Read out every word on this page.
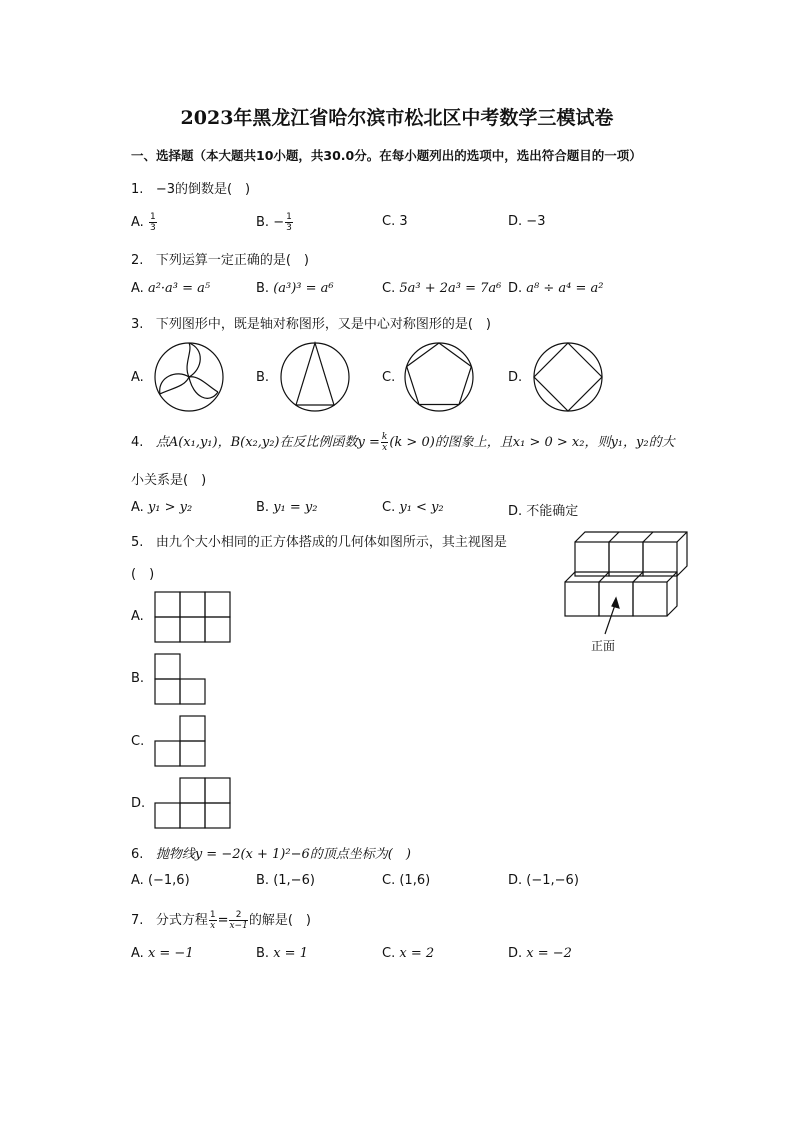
2023年黑龙江省哈尔滨市松北区中考数学三模试卷
一、选择题（本大题共10小题，共30.0分。在每小题列出的选项中，选出符合题目的一项）
1. −3的倒数是(　)
A. $\frac{1}{3}$	B. − $\frac{1}{3}$	C. 3	D. −3
2. 下列运算一定正确的是(　)
A. a²·a³ = a⁵	B. (a³)³ = a⁶	C. 5a³ + 2a³ = 7a⁶ D. a⁸ ÷ a⁴ = a²
3. 下列图形中，既是轴对称图形，又是中心对称图形的是(　)
A.	B.	C.	D.
4. 点A(x₁,y₁)，B(x₂,y₂)在反比例函数$y = \frac{k}{x} (k > 0)$的图象上，且x₁ > 0 > x₂，则y₁，y₂的大
小关系是(　)
A. y₁ > y₂	B. y₁ = y₂	C. y₁ < y₂	D. 不能确定
5. 由九个大小相同的正方体搭成的几何体如图所示，其主视图是
(　)
正面
A.
B.
C.
D.
6. 抛物线y = −2(x + 1)²−6的顶点坐标为(　)
A. (−1,6)	B. (1,−6)	C. (1,6)	D. (−1,−6)
7. 分式方程 $\frac{1}{x} = \frac{2}{x-1}$ 的解是(　)
A. x = −1	B. x = 1	C. x = 2	D. x = −2
